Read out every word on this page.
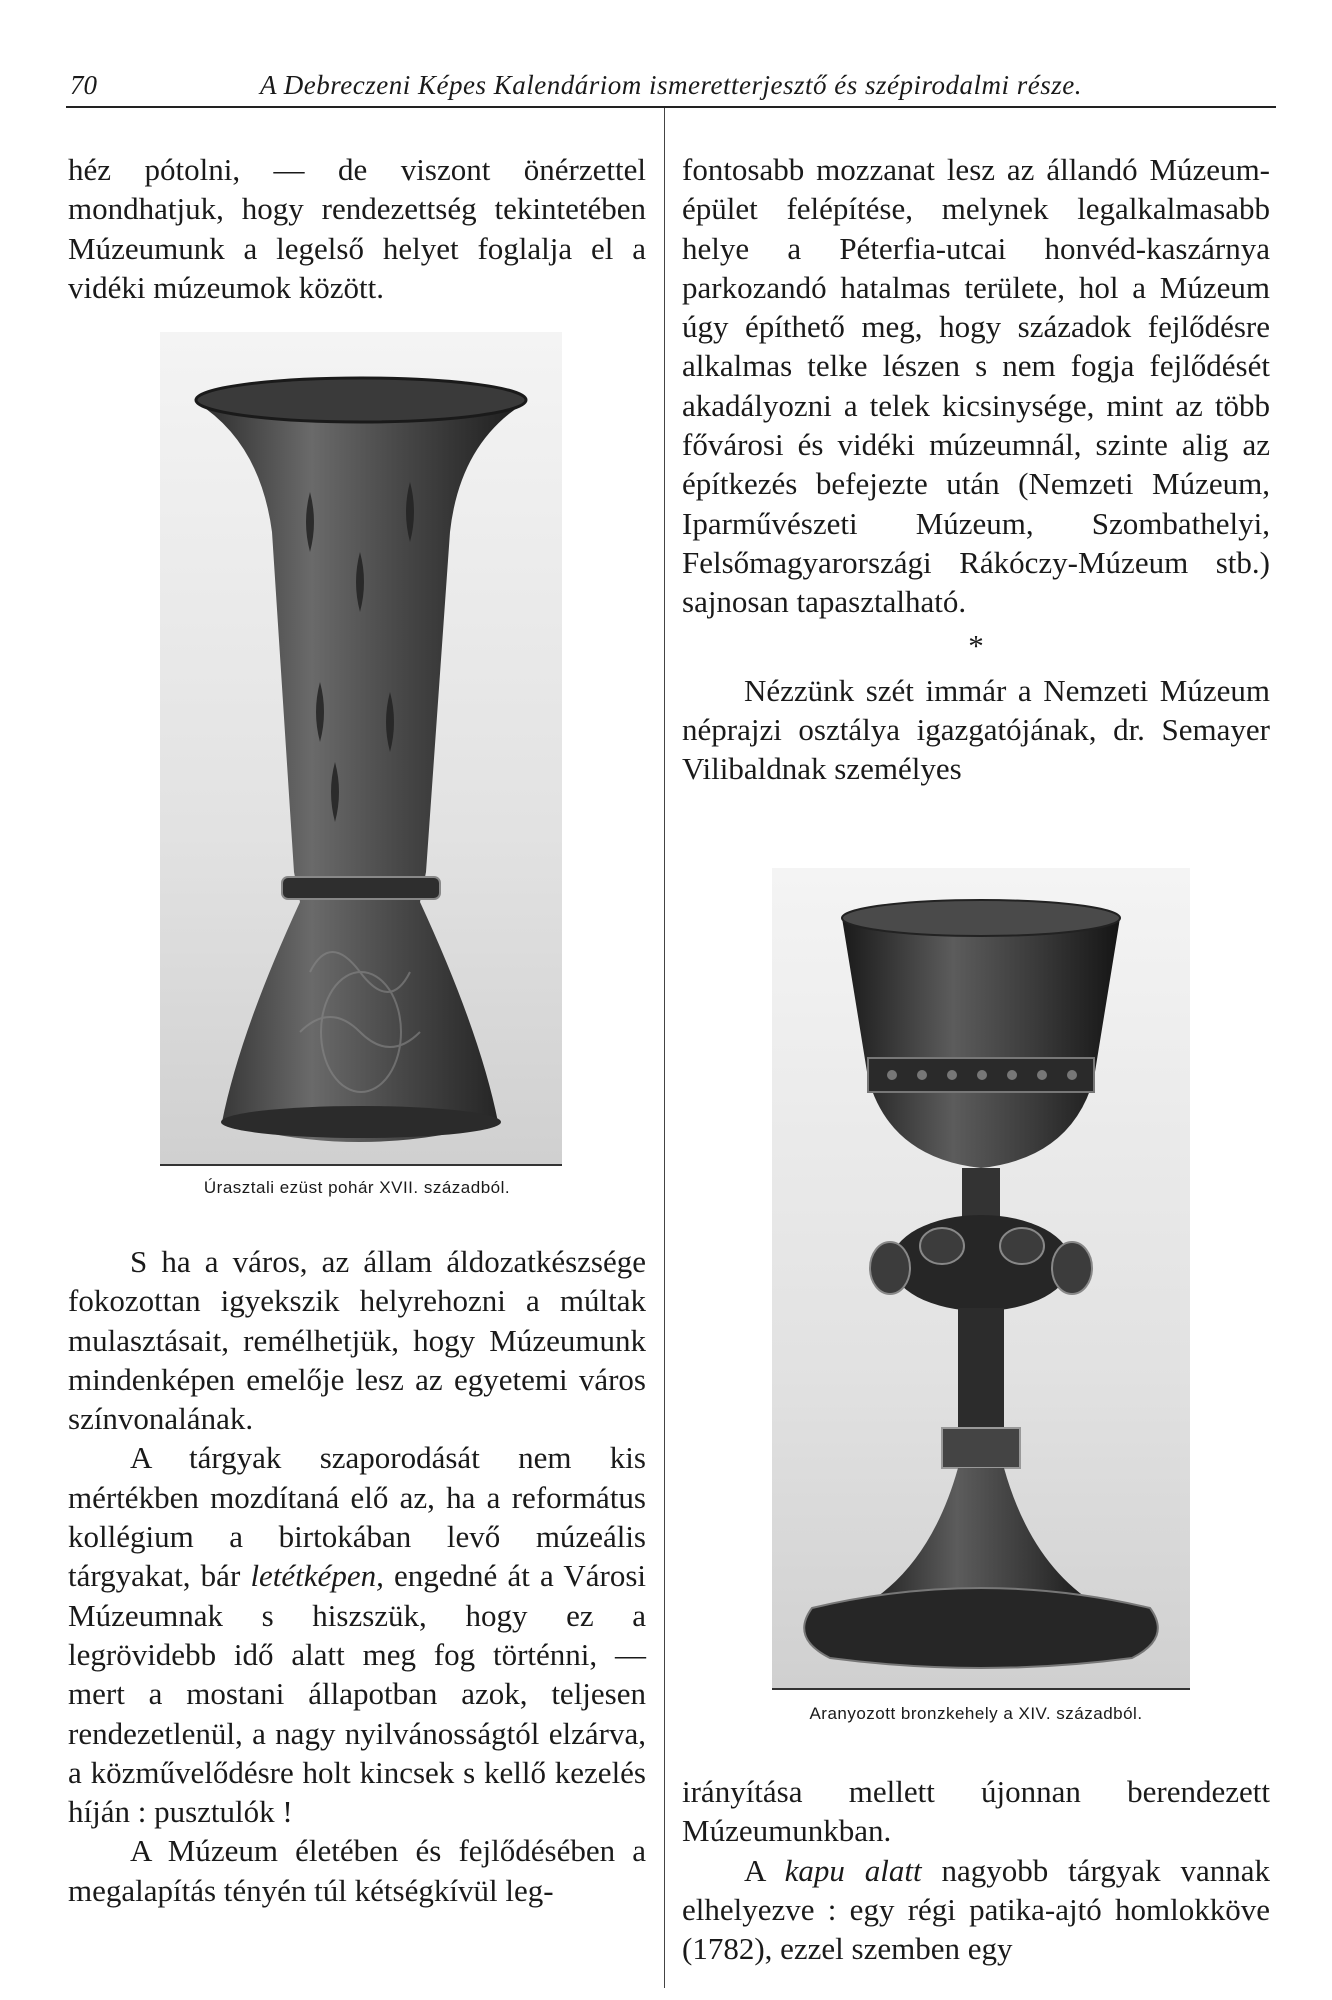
70	A Debreczeni Képes Kalendáriom ismeretterjesztő és szépirodalmi része.

héz pótolni, — de viszont önérzettel mondhatjuk, hogy rendezettség tekintetében Múzeumunk a legelső helyet foglalja el a vidéki múzeumok között.

Úrasztali ezüst pohár XVII. századból.

S ha a város, az állam áldozatkészsége fokozottan igyekszik helyrehozni a múltak mulasztásait, remélhetjük, hogy Múzeumunk mindenképen emelője lesz az egyetemi város színvonalának.

A tárgyak szaporodását nem kis mértékben mozdítaná elő az, ha a református kollégium a birtokában levő múzeális tárgyakat, bár letétképen, engedné át a Városi Múzeumnak s hiszszük, hogy ez a legrövidebb idő alatt meg fog történni, — mert a mostani állapotban azok, teljesen rendezetlenül, a nagy nyilvánosságtól elzárva, a közművelődésre holt kincsek s kellő kezelés híján : pusztulók !

A Múzeum életében és fejlődésében a megalapítás tényén túl kétségkívül leg-

fontosabb mozzanat lesz az állandó Múzeum-épület felépítése, melynek legalkalmasabb helye a Péterfia-utcai honvéd-kaszárnya parkozandó hatalmas területe, hol a Múzeum úgy építhető meg, hogy századok fejlődésre alkalmas telke lészen s nem fogja fejlődését akadályozni a telek kicsinysége, mint az több fővárosi és vidéki múzeumnál, szinte alig az építkezés befejezte után (Nemzeti Múzeum, Iparművészeti Múzeum, Szombathelyi, Felsőmagyarországi Rákóczy-Múzeum stb.) sajnosan tapasztalható.

*

Nézzünk szét immár a Nemzeti Múzeum néprajzi osztálya igazgatójának, dr. Semayer Vilibaldnak személyes

Aranyozott bronzkehely a XIV. századból.

irányítása mellett újonnan berendezett Múzeumunkban.

A kapu alatt nagyobb tárgyak vannak elhelyezve : egy régi patika-ajtó homlokköve (1782), ezzel szemben egy
